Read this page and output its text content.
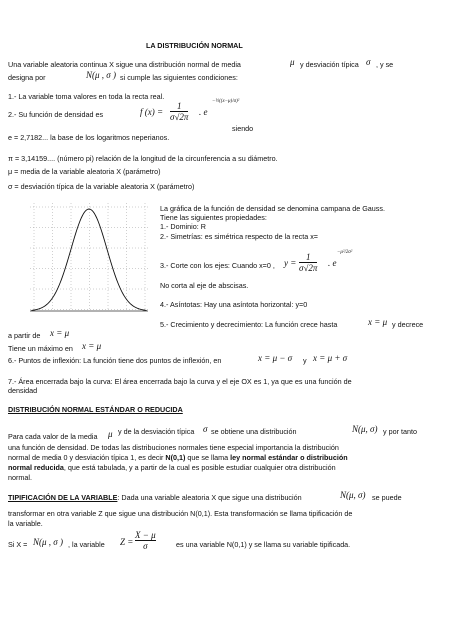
LA DISTRIBUCIÓN NORMAL
Una variable aleatoria continua X sigue una distribución normal de media	μ y desviación típica σ , y se
designa por	N(μ , σ ) si cumple las siguientes condiciones:
1.- La variable toma valores en toda la recta real.
2.- Su función de densidad es	f (x) =
1
σ√2π . e
−½((x−μ)/σ)²
siendo
e = 2,7182... la base de los logaritmos neperianos.
π = 3,14159.... (número pi) relación de la longitud de la circunferencia a su diámetro.
μ = media de la variable aleatoria X (parámetro)
σ = desviación típica de la variable aleatoria X (parámetro)
La gráfica de la función de densidad se denomina campana de Gauss.
Tiene las siguientes propiedades:
1.- Dominio: R
2.- Simetrías: es simétrica respecto de la recta x=
3.- Corte con los ejes: Cuando x=0 , y =
1
σ√2π . e
−μ²/2σ²
No corta al eje de abscisas.
4.- Asíntotas: Hay una asíntota horizontal: y=0
5.- Crecimiento y decrecimiento: La función crece hasta	x = μ y decrece
a partir de x = μ
Tiene un máximo en x = μ
6.- Puntos de inflexión: La función tiene dos puntos de inflexión, en	x = μ − σ y x = μ + σ
7.- Área encerrada bajo la curva: El área encerrada bajo la curva y el eje OX es 1, ya que es una función de
densidad
DISTRIBUCIÓN NORMAL ESTÁNDAR O REDUCIDA
Para cada valor de la media μ y de la desviación típica σ se obtiene una distribución	N(μ, σ) y por tanto
una función de densidad. De todas las distribuciones normales tiene especial importancia la distribución
normal de media 0 y desviación típica 1, es decir N(0,1) que se llama ley normal estándar o distribución
normal reducida, que está tabulada, y a partir de la cual es posible estudiar cualquier otra distribución
normal.
TIPIFICACIÓN DE LA VARIABLE: Dada una variable aleatoria X que sigue una distribución	N(μ, σ) se puede
transformar en otra variable Z que sigue una distribución N(0,1). Esta transformación se llama tipificación de
la variable.
Si X = N(μ , σ ) , la variable Z =
X − μ
σ	es una variable N(0,1) y se llama su variable tipificada.
